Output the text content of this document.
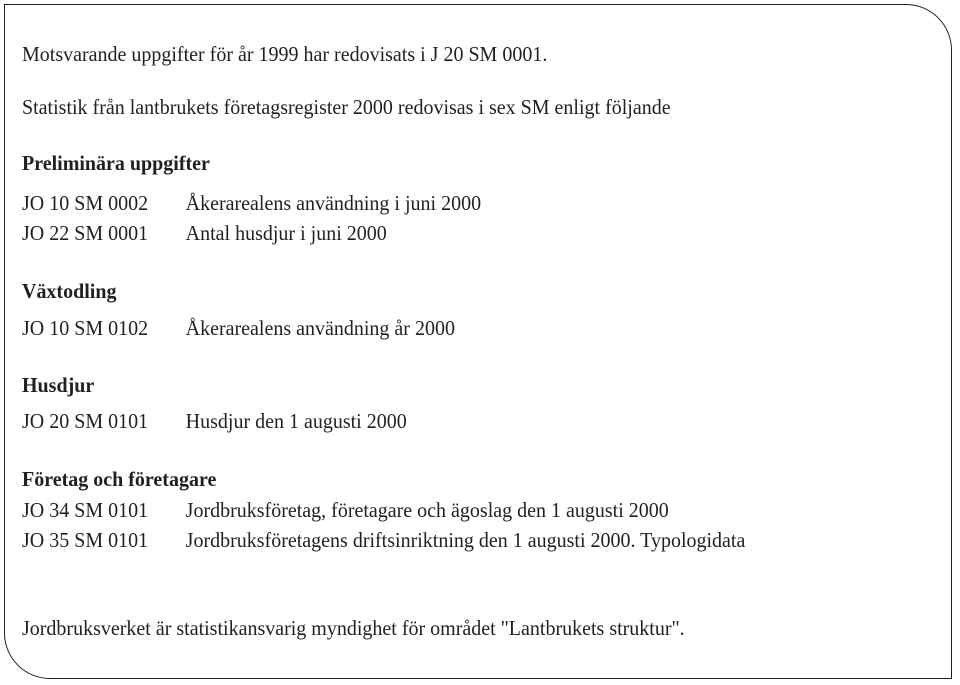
Motsvarande uppgifter för år 1999 har redovisats i J 20 SM 0001.
Statistik från lantbrukets företagsregister 2000 redovisas i sex SM enligt följande
Preliminära uppgifter
JO 10 SM 0002 Åkerarealens användning i juni 2000
JO 22 SM 0001 Antal husdjur i juni 2000
Växtodling
JO 10 SM 0102 Åkerarealens användning år 2000
Husdjur
JO 20 SM 0101 Husdjur den 1 augusti 2000
Företag och företagare
JO 34 SM 0101 Jordbruksföretag, företagare och ägoslag den 1 augusti 2000
JO 35 SM 0101 Jordbruksföretagens driftsinriktning den 1 augusti 2000. Typologidata
Jordbruksverket är statistikansvarig myndighet för området "Lantbrukets struktur".
